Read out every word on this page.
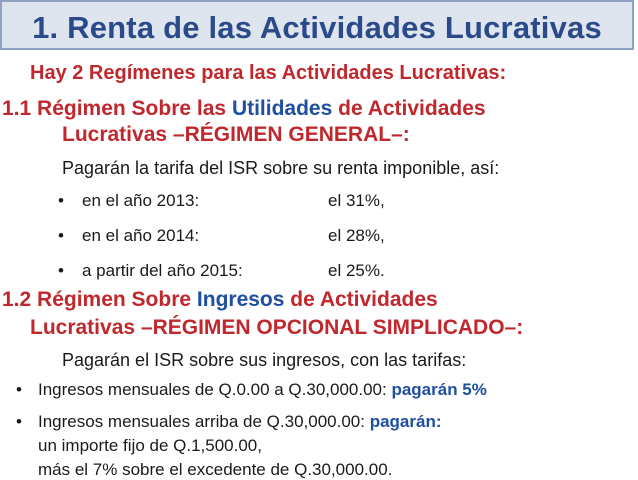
1. Renta de las Actividades Lucrativas
Hay 2 Regímenes para las Actividades Lucrativas:
1.1 Régimen Sobre las Utilidades de Actividades
Lucrativas –RÉGIMEN GENERAL–:
Pagarán la tarifa del ISR sobre su renta imponible, así:
• en el año 2013:	el 31%,
• en el año 2014:	el 28%,
• a partir del año 2015:	el 25%.
1.2 Régimen Sobre Ingresos de Actividades
Lucrativas –RÉGIMEN OPCIONAL SIMPLICADO–:
Pagarán el ISR sobre sus ingresos, con las tarifas:
• Ingresos mensuales de Q.0.00 a Q.30,000.00: pagarán 5%
• Ingresos mensuales arriba de Q.30,000.00: pagarán:
un importe fijo de Q.1,500.00,
más el 7% sobre el excedente de Q.30,000.00.
